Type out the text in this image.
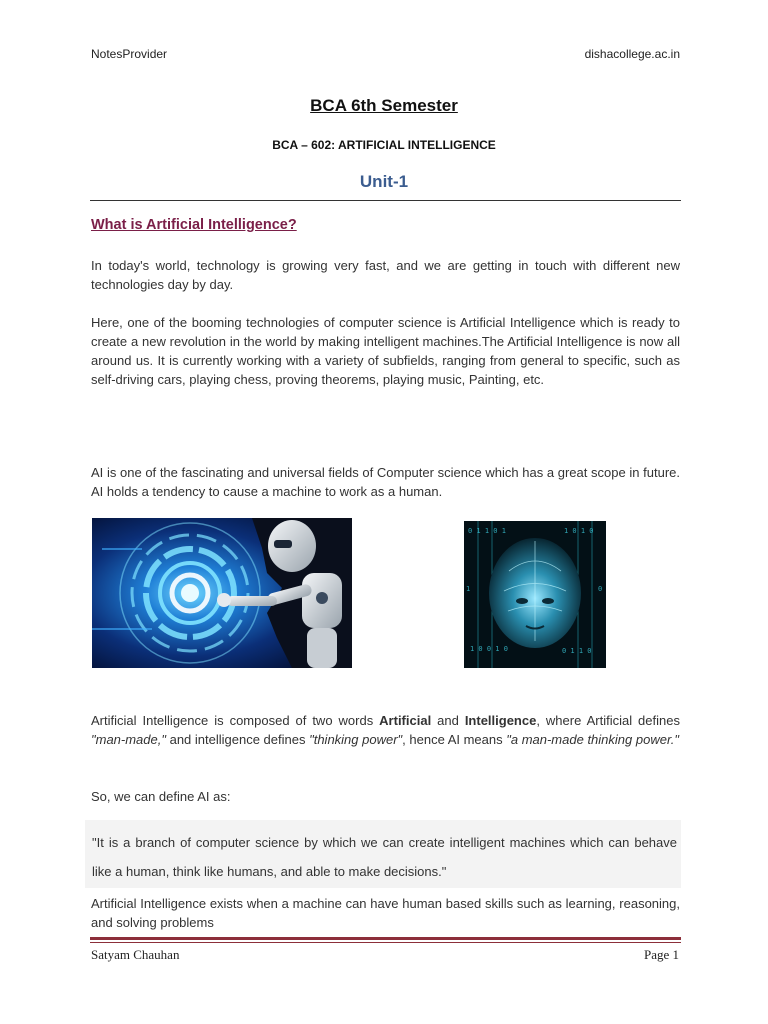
NotesProvider	dishacollege.ac.in
BCA 6th Semester
BCA – 602: ARTIFICIAL INTELLIGENCE
Unit-1
What is Artificial Intelligence?
In today's world, technology is growing very fast, and we are getting in touch with different new technologies day by day.
Here, one of the booming technologies of computer science is Artificial Intelligence which is ready to create a new revolution in the world by making intelligent machines.The Artificial Intelligence is now all around us. It is currently working with a variety of subfields, ranging from general to specific, such as self-driving cars, playing chess, proving theorems, playing music, Painting, etc.
AI is one of the fascinating and universal fields of Computer science which has a great scope in future. AI holds a tendency to cause a machine to work as a human.
0 1 1 0 1	1 0 1 0
1 0 0 1 0	0 1 1 0
1	0
Artificial Intelligence is composed of two words Artificial and Intelligence, where Artificial defines "man-made," and intelligence defines "thinking power", hence AI means "a man-made thinking power."
So, we can define AI as:
"It is a branch of computer science by which we can create intelligent machines which can behave like a human, think like humans, and able to make decisions."
Artificial Intelligence exists when a machine can have human based skills such as learning, reasoning, and solving problems
Satyam Chauhan	Page 1
